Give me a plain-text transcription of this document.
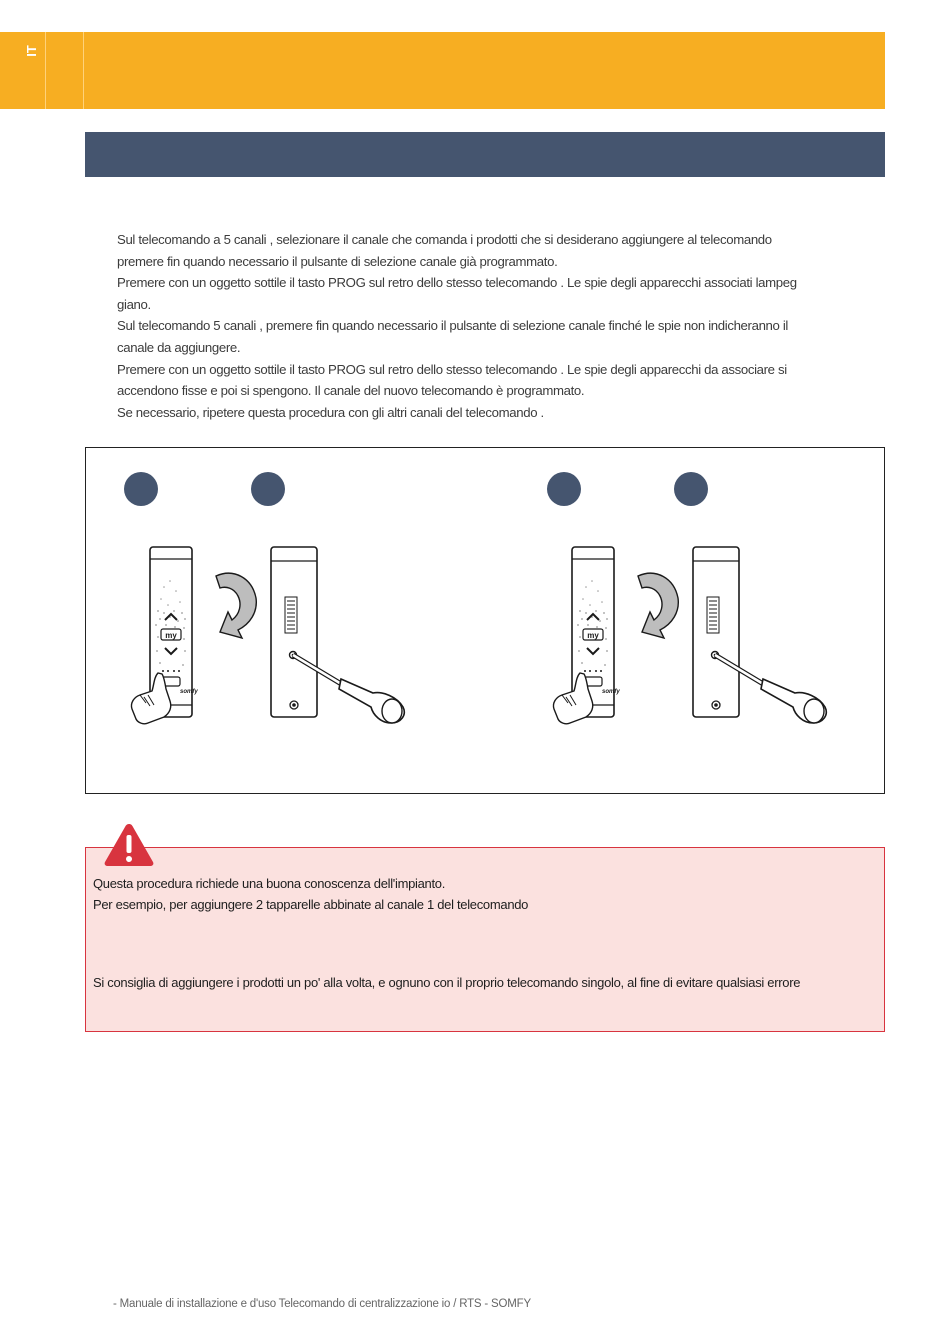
IT

Sul telecomando a 5 canali , selezionare il canale che comanda i prodotti che si desiderano aggiungere al telecomando

premere fin quando necessario il pulsante di selezione canale già programmato.

Premere con un oggetto sottile il tasto PROG sul retro dello stesso telecomando . Le spie degli apparecchi associati lampeg

giano.

Sul telecomando 5 canali , premere fin quando necessario il pulsante di selezione canale finché le spie non indicheranno il

canale da aggiungere.

Premere con un oggetto sottile il tasto PROG sul retro dello stesso telecomando . Le spie degli apparecchi da associare si

accendono fisse e poi si spengono. Il canale del nuovo telecomando è programmato.

Se necessario, ripetere questa procedura con gli altri canali del telecomando .

my
somfy
Questa procedura richiede una buona conoscenza dell'impianto.
Per esempio, per aggiungere 2 tapparelle abbinate al canale 1 del telecomando
Si consiglia di aggiungere i prodotti un po' alla volta, e ognuno con il proprio telecomando singolo, al fine di evitare qualsiasi errore
- Manuale di installazione e d'uso Telecomando di centralizzazione io / RTS - SOMFY
